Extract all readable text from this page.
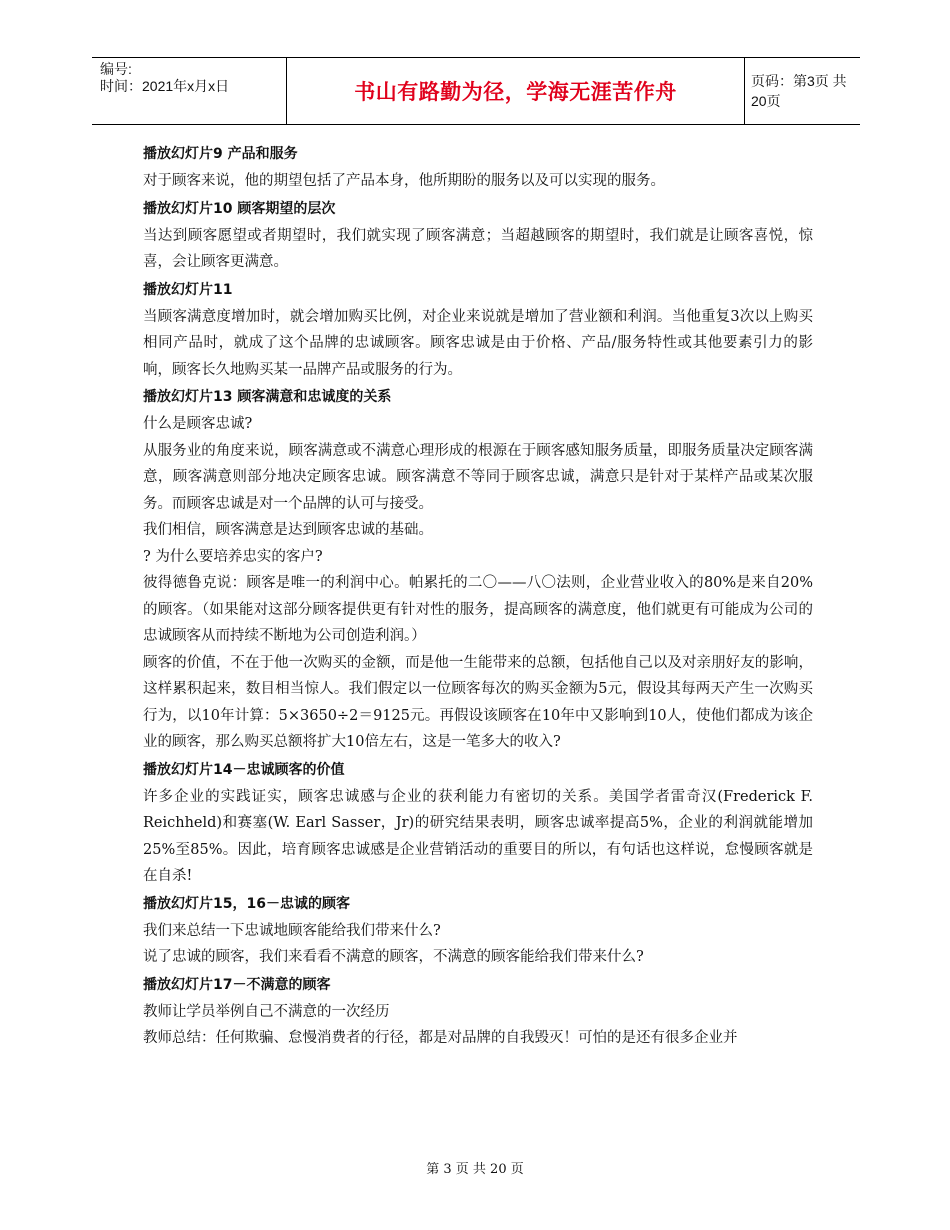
编号:
时间：2021年x月x日	书山有路勤为径，学海无涯苦作舟	页码：第3页 共20页

播放幻灯片9 产品和服务

对于顾客来说，他的期望包括了产品本身，他所期盼的服务以及可以实现的服务。

播放幻灯片10 顾客期望的层次

当达到顾客愿望或者期望时，我们就实现了顾客满意；当超越顾客的期望时，我们就是让顾客喜悦，惊喜，会让顾客更满意。

播放幻灯片11

当顾客满意度增加时，就会增加购买比例，对企业来说就是增加了营业额和利润。当他重复3次以上购买相同产品时，就成了这个品牌的忠诚顾客。顾客忠诚是由于价格、产品/服务特性或其他要素引力的影响，顾客长久地购买某一品牌产品或服务的行为。

播放幻灯片13 顾客满意和忠诚度的关系

什么是顾客忠诚?

从服务业的角度来说，顾客满意或不满意心理形成的根源在于顾客感知服务质量，即服务质量决定顾客满意，顾客满意则部分地决定顾客忠诚。顾客满意不等同于顾客忠诚，满意只是针对于某样产品或某次服务。而顾客忠诚是对一个品牌的认可与接受。

我们相信，顾客满意是达到顾客忠诚的基础。

? 为什么要培养忠实的客户?

彼得德鲁克说：顾客是唯一的利润中心。帕累托的二〇——八〇法则，企业营业收入的80%是来自20%的顾客。（如果能对这部分顾客提供更有针对性的服务，提高顾客的满意度，他们就更有可能成为公司的忠诚顾客从而持续不断地为公司创造利润。）

顾客的价值，不在于他一次购买的金额，而是他一生能带来的总额，包括他自己以及对亲朋好友的影响，这样累积起来，数目相当惊人。我们假定以一位顾客每次的购买金额为5元，假设其每两天产生一次购买行为，以10年计算：5×3650÷2＝9125元。再假设该顾客在10年中又影响到10人，使他们都成为该企业的顾客，那么购买总额将扩大10倍左右，这是一笔多大的收入?

播放幻灯片14－忠诚顾客的价值

许多企业的实践证实，顾客忠诚感与企业的获利能力有密切的关系。美国学者雷奇汉(Frederick F. Reichheld)和赛塞(W. Earl Sasser，Jr)的研究结果表明，顾客忠诚率提高5%，企业的利润就能增加25%至85%。因此，培育顾客忠诚感是企业营销活动的重要目的所以，有句话也这样说，怠慢顾客就是在自杀!

播放幻灯片15，16－忠诚的顾客

我们来总结一下忠诚地顾客能给我们带来什么?

说了忠诚的顾客，我们来看看不满意的顾客，不满意的顾客能给我们带来什么?

播放幻灯片17－不满意的顾客

教师让学员举例自己不满意的一次经历

教师总结：任何欺骗、怠慢消费者的行径，都是对品牌的自我毁灭！可怕的是还有很多企业并

第 3 页 共 20 页
